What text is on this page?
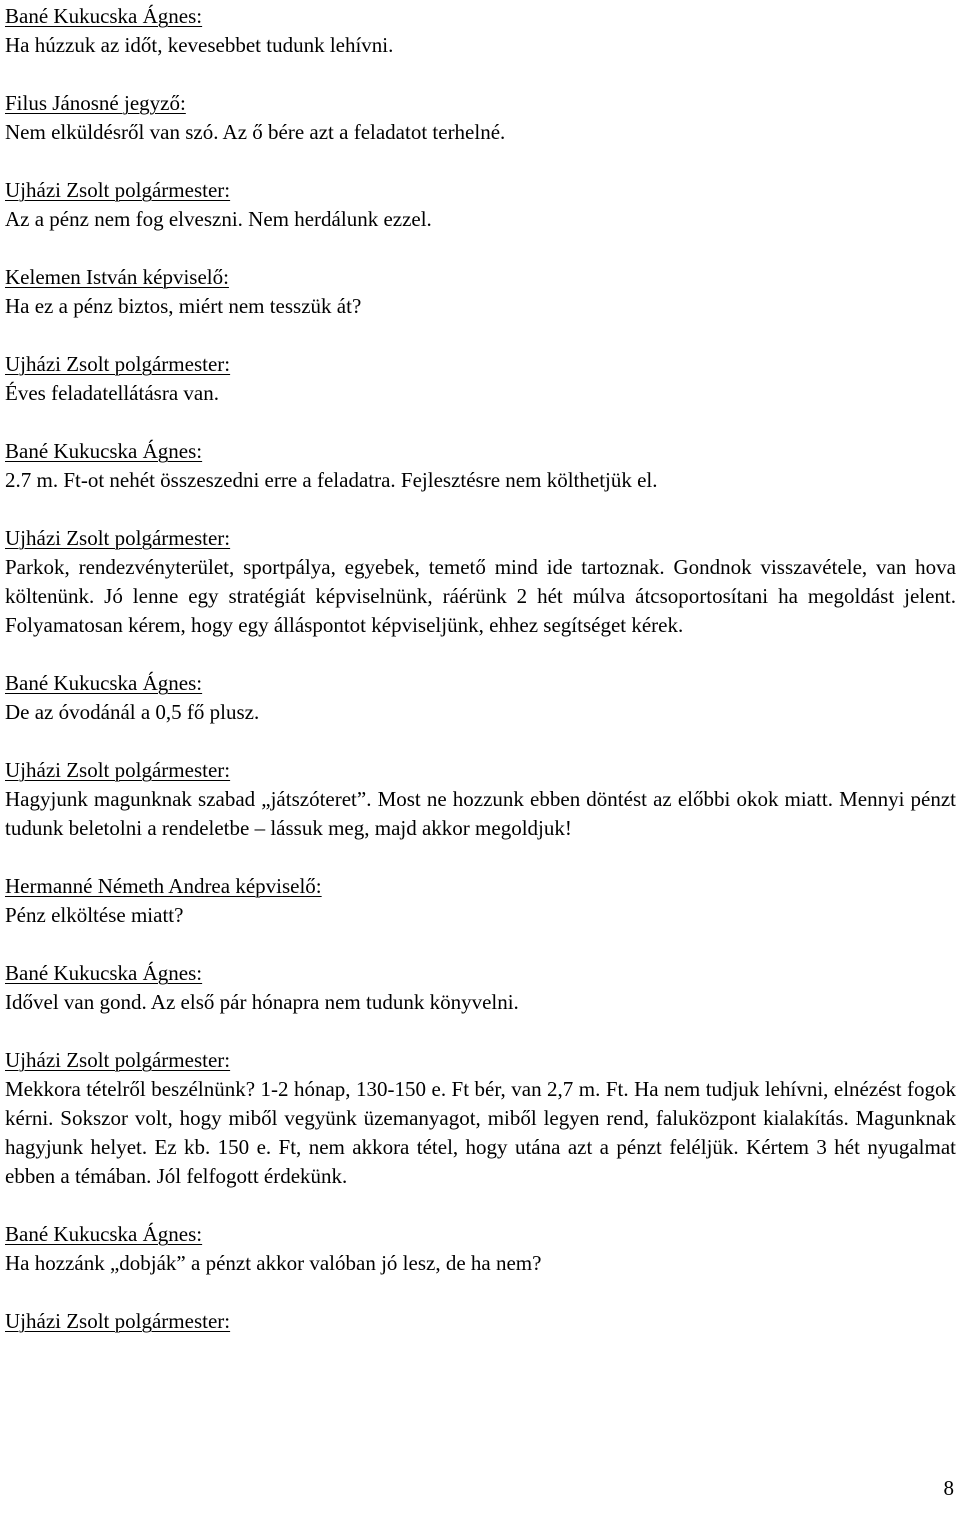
Bané Kukucska Ágnes:
Ha húzzuk az időt, kevesebbet tudunk lehívni.
Filus Jánosné jegyző:
Nem elküldésről van szó. Az ő bére azt a feladatot terhelné.
Ujházi Zsolt polgármester:
Az a pénz nem fog elveszni. Nem herdálunk ezzel.
Kelemen István képviselő:
Ha ez a pénz biztos, miért nem tesszük át?
Ujházi Zsolt polgármester:
Éves feladatellátásra van.
Bané Kukucska Ágnes:
2.7 m. Ft-ot nehét összeszedni erre a feladatra. Fejlesztésre nem költhetjük el.
Ujházi Zsolt polgármester:
Parkok, rendezvényterület, sportpálya, egyebek, temető mind ide tartoznak. Gondnok visszavétele, van hova költenünk. Jó lenne egy stratégiát képviselnünk, ráérünk 2 hét múlva átcsoportosítani ha megoldást jelent. Folyamatosan kérem, hogy egy álláspontot képviseljünk, ehhez segítséget kérek.
Bané Kukucska Ágnes:
De az óvodánál a 0,5 fő plusz.
Ujházi Zsolt polgármester:
Hagyjunk magunknak szabad „játszóteret”. Most ne hozzunk ebben döntést az előbbi okok miatt. Mennyi pénzt tudunk beletolni a rendeletbe – lássuk meg, majd akkor megoldjuk!
Hermanné Németh Andrea képviselő:
Pénz elköltése miatt?
Bané Kukucska Ágnes:
Idővel van gond. Az első pár hónapra nem tudunk könyvelni.
Ujházi Zsolt polgármester:
Mekkora tételről beszélnünk? 1-2 hónap, 130-150 e. Ft bér, van 2,7 m. Ft. Ha nem tudjuk lehívni, elnézést fogok kérni. Sokszor volt, hogy miből vegyünk üzemanyagot, miből legyen rend, faluközpont kialakítás. Magunknak hagyjunk helyet. Ez kb. 150 e. Ft, nem akkora tétel, hogy utána azt a pénzt feléljük. Kértem 3 hét nyugalmat ebben a témában. Jól felfogott érdekünk.
Bané Kukucska Ágnes:
Ha hozzánk „dobják” a pénzt akkor valóban jó lesz, de ha nem?
Ujházi Zsolt polgármester:
8
